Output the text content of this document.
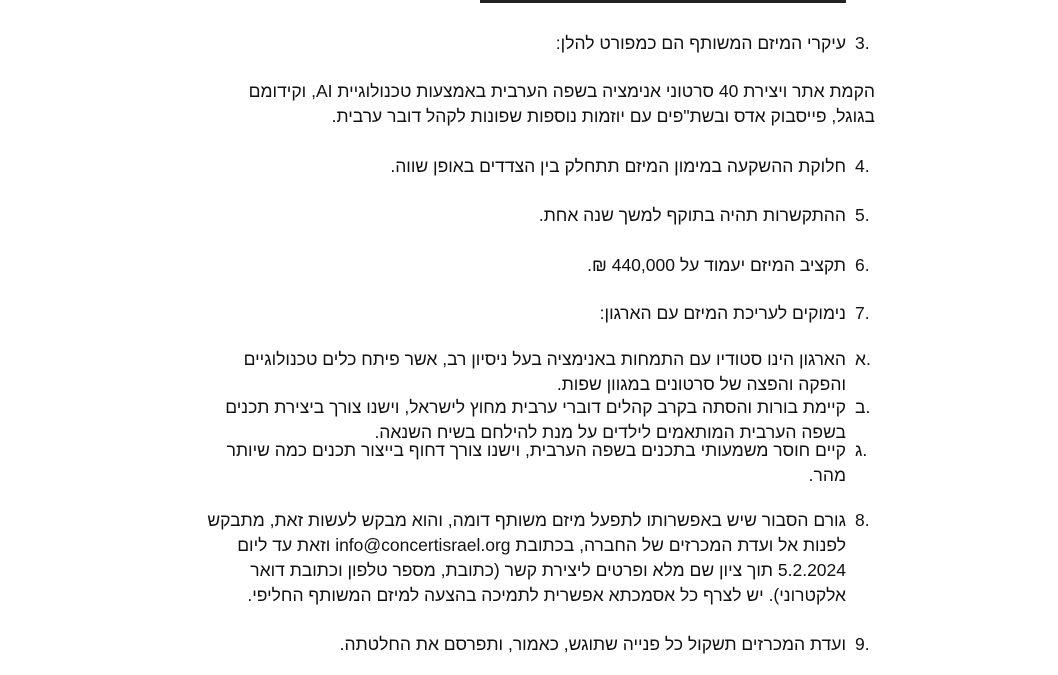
3.
עיקרי המיזם המשותף הם כמפורט להלן:
הקמת אתר ויצירת 40 סרטוני אנימציה בשפה הערבית באמצעות טכנולוגיית AI, וקידומם
בגוגל, פייסבוק אדס ובשת"פים עם יוזמות נוספות שפונות לקהל דובר ערבית.
4.
חלוקת ההשקעה במימון המיזם תתחלק בין הצדדים באופן שווה.
5.
ההתקשרות תהיה בתוקף למשך שנה אחת.
6.
תקציב המיזם יעמוד על 440,000 ₪.
7.
נימוקים לעריכת המיזם עם הארגון:
א.
הארגון הינו סטודיו עם התמחות באנימציה בעל ניסיון רב, אשר פיתח כלים טכנולוגיים
והפקה והפצה של סרטונים במגוון שפות.
ב.
קיימת בורות והסתה בקרב קהלים דוברי ערבית מחוץ לישראל, וישנו צורך ביצירת תכנים
בשפה הערבית המותאמים לילדים על מנת להילחם בשיח השנאה.
ג.
קיים חוסר משמעותי בתכנים בשפה הערבית, וישנו צורך דחוף בייצור תכנים כמה שיותר
מהר.
8.
גורם הסבור שיש באפשרותו לתפעל מיזם משותף דומה, והוא מבקש לעשות זאת, מתבקש
לפנות אל ועדת המכרזים של החברה, בכתובת info@concertisrael.org וזאת עד ליום
5.2.2024 תוך ציון שם מלא ופרטים ליצירת קשר (כתובת, מספר טלפון וכתובת דואר
אלקטרוני). יש לצרף כל אסמכתא אפשרית לתמיכה בהצעה למיזם המשותף החליפי.
9.
ועדת המכרזים תשקול כל פנייה שתוגש, כאמור, ותפרסם את החלטתה.
